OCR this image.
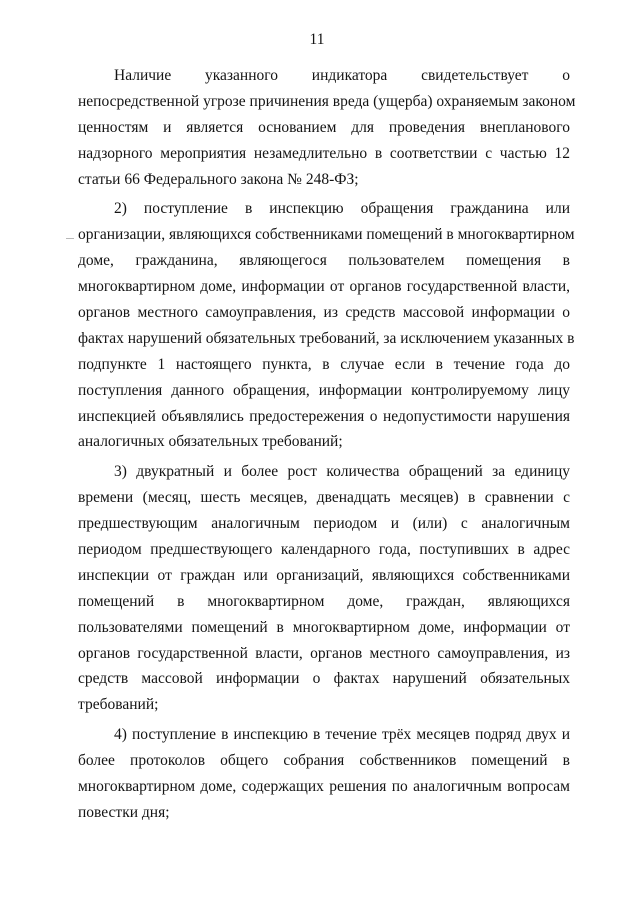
11
Наличие указанного индикатора свидетельствует о
непосредственной угрозе причинения вреда (ущерба) охраняемым законом
ценностям и является основанием для проведения внепланового
надзорного мероприятия незамедлительно в соответствии с частью 12
статьи 66 Федерального закона № 248-ФЗ;
2) поступление в инспекцию обращения гражданина или
организации, являющихся собственниками помещений в многоквартирном
доме, гражданина, являющегося пользователем помещения в
многоквартирном доме, информации от органов государственной власти,
органов местного самоуправления, из средств массовой информации о
фактах нарушений обязательных требований, за исключением указанных в
подпункте 1 настоящего пункта, в случае если в течение года до
поступления данного обращения, информации контролируемому лицу
инспекцией объявлялись предостережения о недопустимости нарушения
аналогичных обязательных требований;
3) двукратный и более рост количества обращений за единицу
времени (месяц, шесть месяцев, двенадцать месяцев) в сравнении с
предшествующим аналогичным периодом и (или) с аналогичным
периодом предшествующего календарного года, поступивших в адрес
инспекции от граждан или организаций, являющихся собственниками
помещений в многоквартирном доме, граждан, являющихся
пользователями помещений в многоквартирном доме, информации от
органов государственной власти, органов местного самоуправления, из
средств массовой информации о фактах нарушений обязательных
требований;
4) поступление в инспекцию в течение трёх месяцев подряд двух и
более протоколов общего собрания собственников помещений в
многоквартирном доме, содержащих решения по аналогичным вопросам
повестки дня;
